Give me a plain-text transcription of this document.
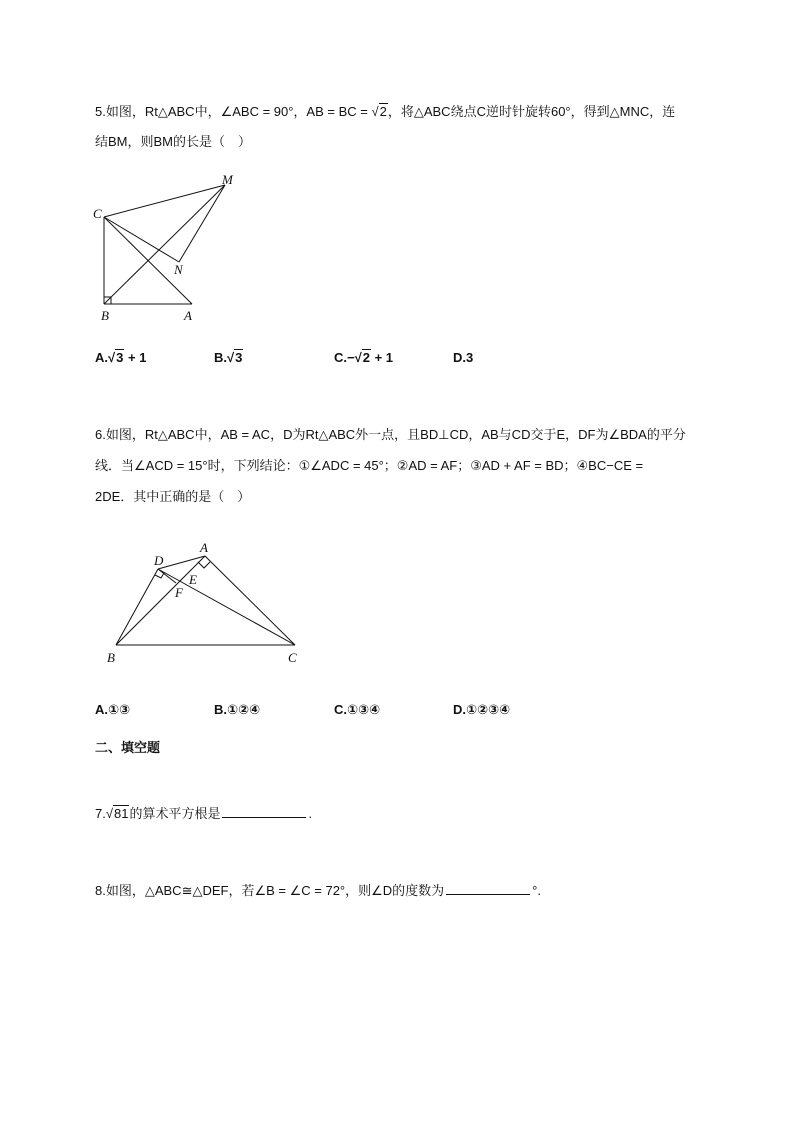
5.如图，Rt△ABC中，∠ABC = 90°，AB = BC = √2，将△ABC绕点C逆时针旋转60°，得到△MNC，连
结BM，则BM的长是（　）
C
M
N
B	A
A.√3 + 1	B.√3	C.−√2 + 1	D.3
6.如图，Rt△ABC中，AB = AC，D为Rt△ABC外一点，且BD⊥CD，AB与CD交于E，DF为∠BDA的平分
线．当∠ACD = 15°时，下列结论：①∠ADC = 45°；②AD = AF；③AD + AF = BD；④BC−CE =
2DE．其中正确的是（　）
D
A
E
F
B	C
A.①③	B.①②④	C.①③④	D.①②③④
二、填空题
7.√81的算术平方根是	.
8.如图，△ABC≅△DEF，若∠B = ∠C = 72°，则∠D的度数为	°.
